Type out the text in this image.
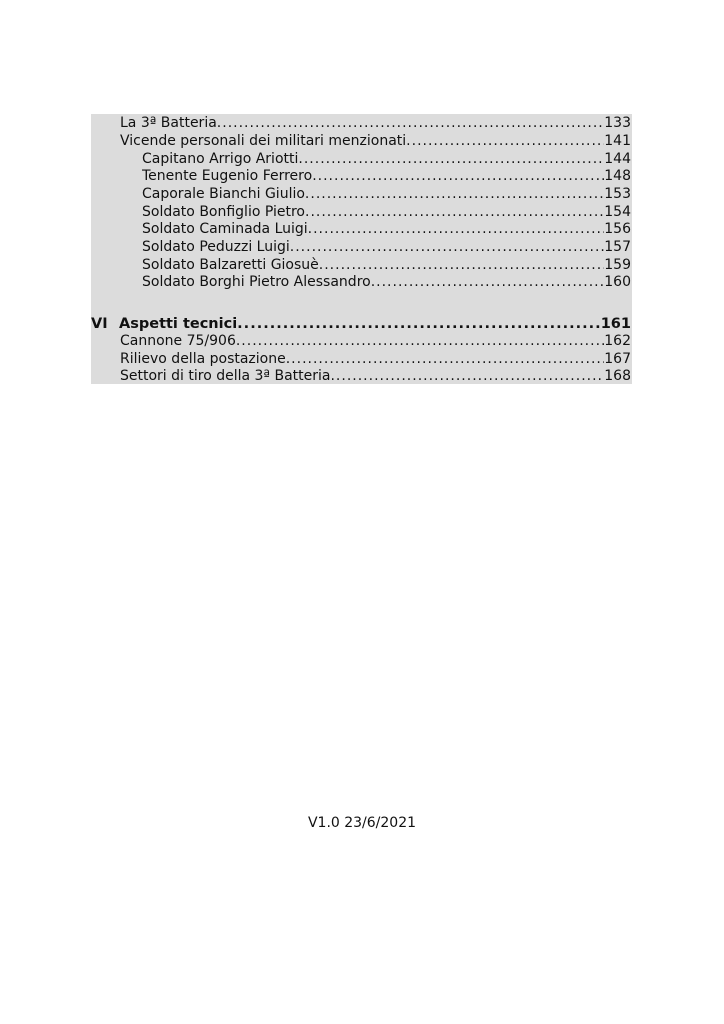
La 3ª Batteria .....	133
Vicende personali dei militari menzionati .....	141
Capitano Arrigo Ariotti .....	144
Tenente Eugenio Ferrero .....	148
Caporale Bianchi Giulio .....	153
Soldato Bonfiglio Pietro .....	154
Soldato Caminada Luigi .....	156
Soldato Peduzzi Luigi .....	157
Soldato Balzaretti Giosuè .....	159
Soldato Borghi Pietro Alessandro .....	160
VI Aspetti tecnici .....	161
Cannone 75/906 .....	162
Rilievo della postazione .....	167
Settori di tiro della 3ª Batteria .....	168
V1.0 23/6/2021
